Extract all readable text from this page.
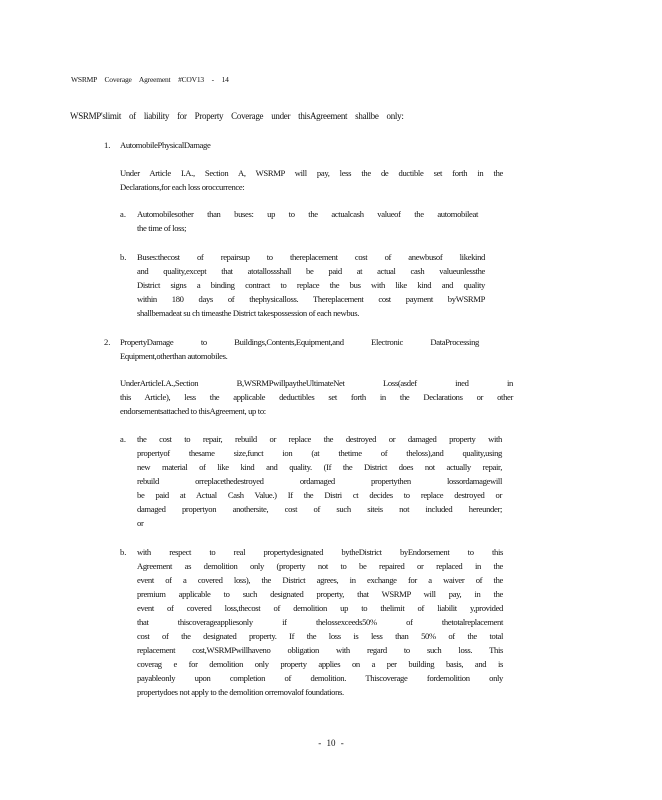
WSRMP Coverage Agreement #COV13 - 14
WSRMP'slimit of liability for Property Coverage under thisAgreement shallbe only:
1. AutomobilePhysicalDamage
Under Article I.A., Section A, WSRMP will pay, less the de ductible set forth in the
Declarations,for each loss oroccurrence:
a. Automobilesother than buses: up to the actualcash valueof the automobileat
the time of loss;
b. Buses:thecost of repairsup to thereplacement cost of anewbusof likekind
and quality,except that atotallossshall be paid at actual cash valueunlessthe
District signs a binding contract to replace the bus with like kind and quality
within 180 days of thephysicalloss. Thereplacement cost payment byWSRMP
shallbemadeat su ch timeasthe District takespossession of each newbus.
2. PropertyDamage to Buildings,Contents,Equipment,and Electronic DataProcessing
Equipment,otherthan automobiles.
UnderArticleI.A.,Section B,WSRMPwillpaytheUltimateNet Loss(asdef ined in
this Article), less the applicable deductibles set forth in the Declarations or other
endorsementsattached to thisAgreement, up to:
a. the cost to repair, rebuild or replace the destroyed or damaged property with
propertyof thesame size,funct ion (at thetime of theloss),and quality,using
new material of like kind and quality. (If the District does not actually repair,
rebuild orreplacethedestroyed ordamaged propertythen lossordamagewill
be paid at Actual Cash Value.) If the Distri ct decides to replace destroyed or
damaged propertyon anothersite, cost of such siteis not included hereunder;
or
b. with respect to real propertydesignated bytheDistrict byEndorsement to this
Agreement as demolition only (property not to be repaired or replaced in the
event of a covered loss), the District agrees, in exchange for a waiver of the
premium applicable to such designated property, that WSRMP will pay, in the
event of covered loss,thecost of demolition up to thelimit of liabilit y,provided
that thiscoverageappliesonly if thelossexceeds50% of thetotalreplacement
cost of the designated property. If the loss is less than 50% of the total
replacement cost,WSRMPwillhaveno obligation with regard to such loss. This
coverag e for demolition only property applies on a per building basis, and is
payableonly upon completion of demolition. Thiscoverage fordemolition only
propertydoes not apply to the demolition orremovalof foundations.
- 10 -
